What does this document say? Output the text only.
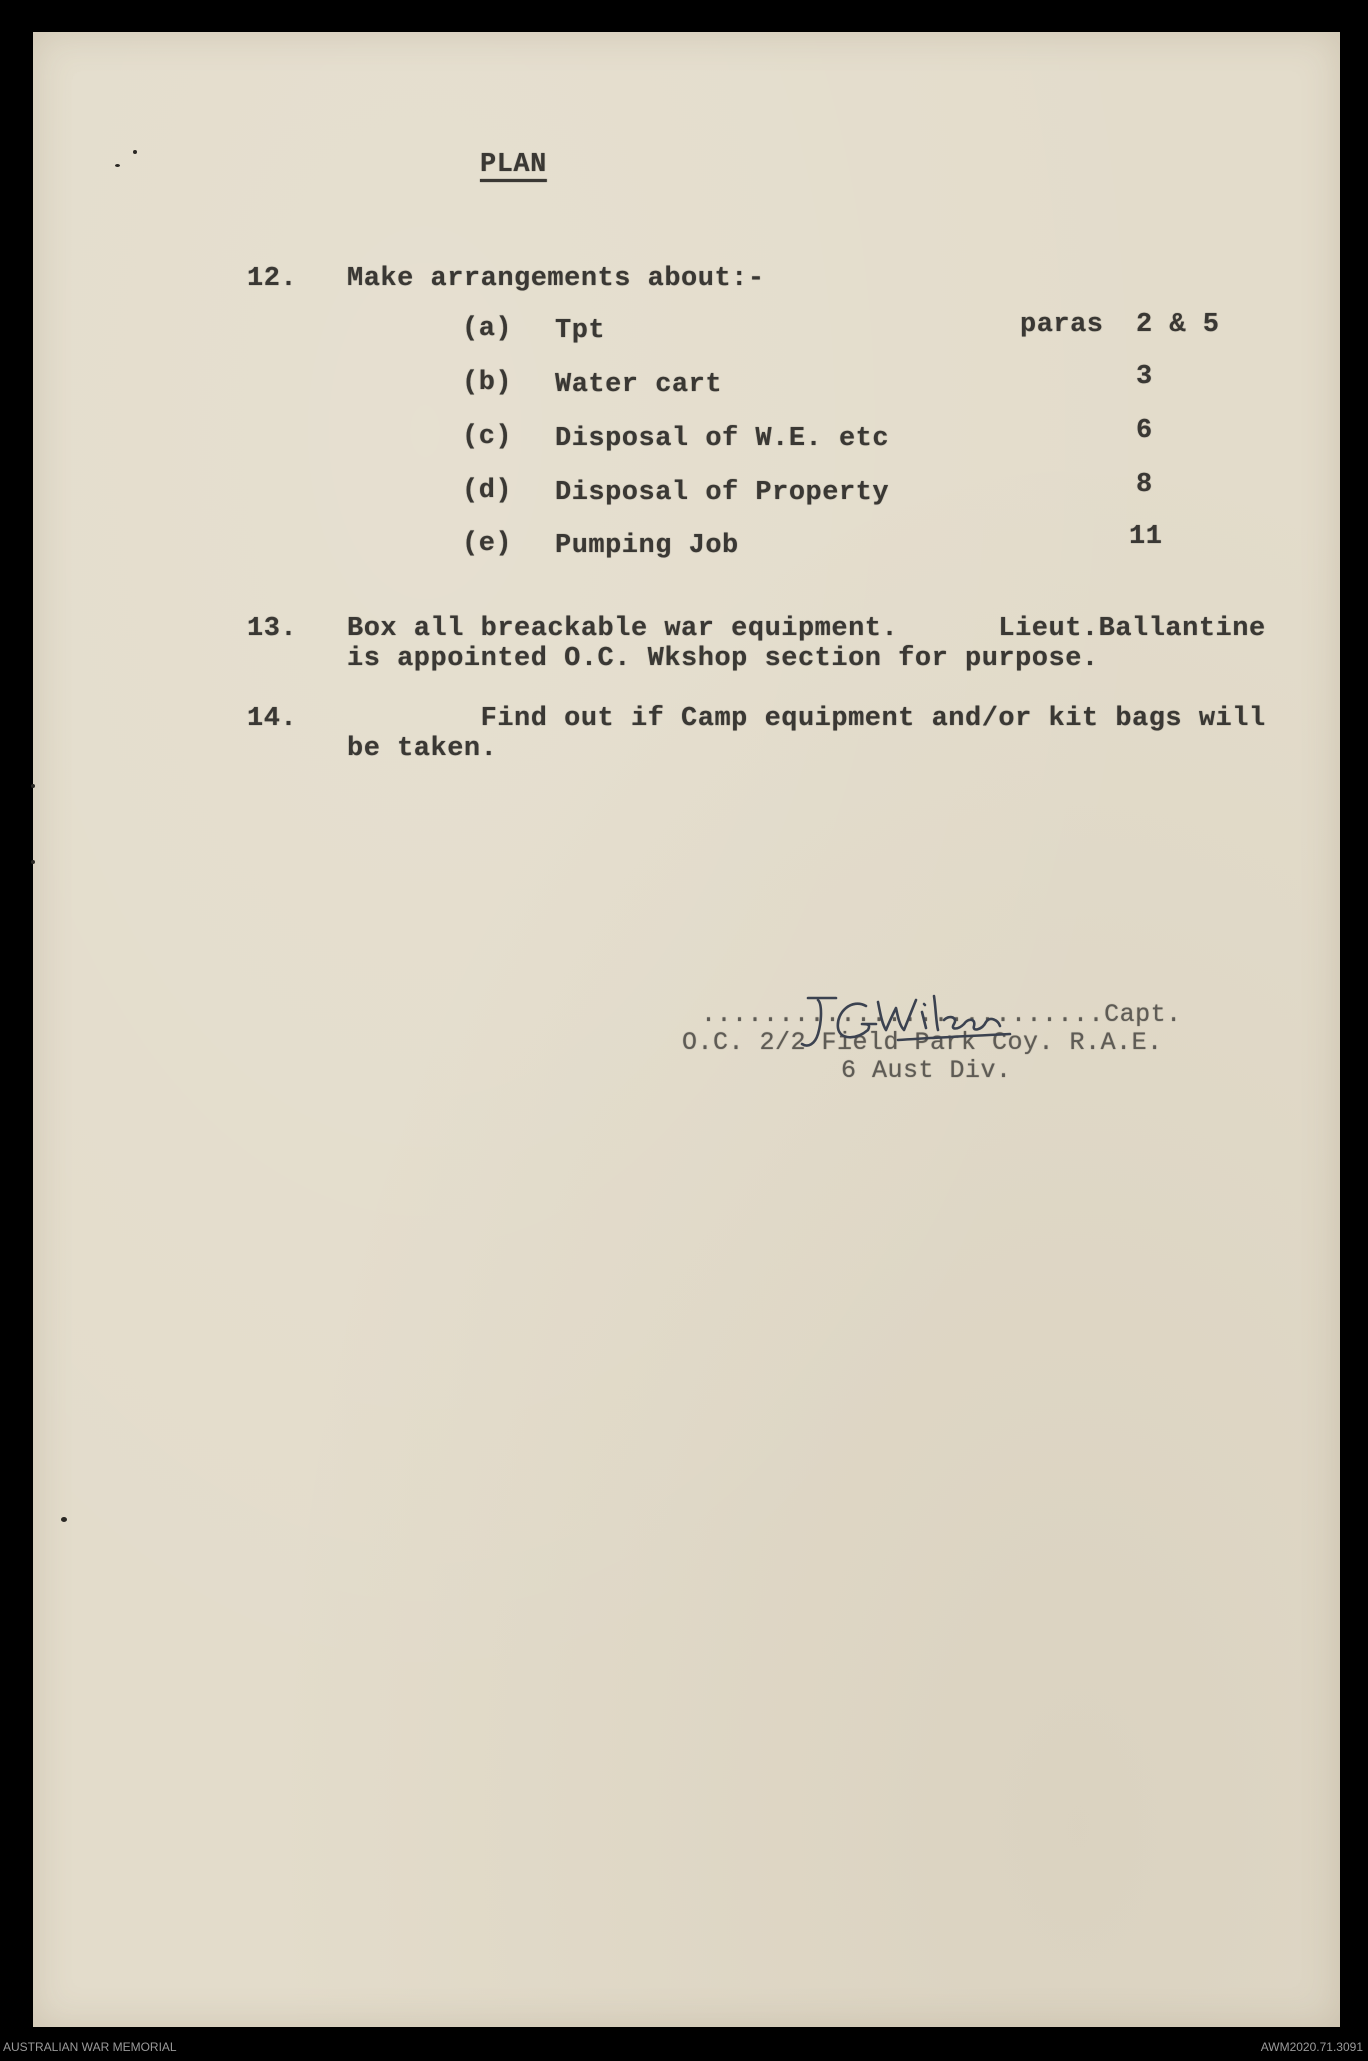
PLAN
12. Make arrangements about:-
paras
(a) Tpt	2 & 5
(b) Water cart	3
(c) Disposal of W.E. etc	6
(d) Disposal of Property	8
(e) Pumping Job	11
13. Box all breackable war equipment.      Lieut.Ballantine
is appointed O.C. Wkshop section for purpose.
14. Find out if Camp equipment and/or kit bags will
be taken.
..........................Capt.
O.C. 2/2 Field Park Coy. R.A.E.
6 Aust Div.
AUSTRALIAN WAR MEMORIAL	AWM2020.71.3091
